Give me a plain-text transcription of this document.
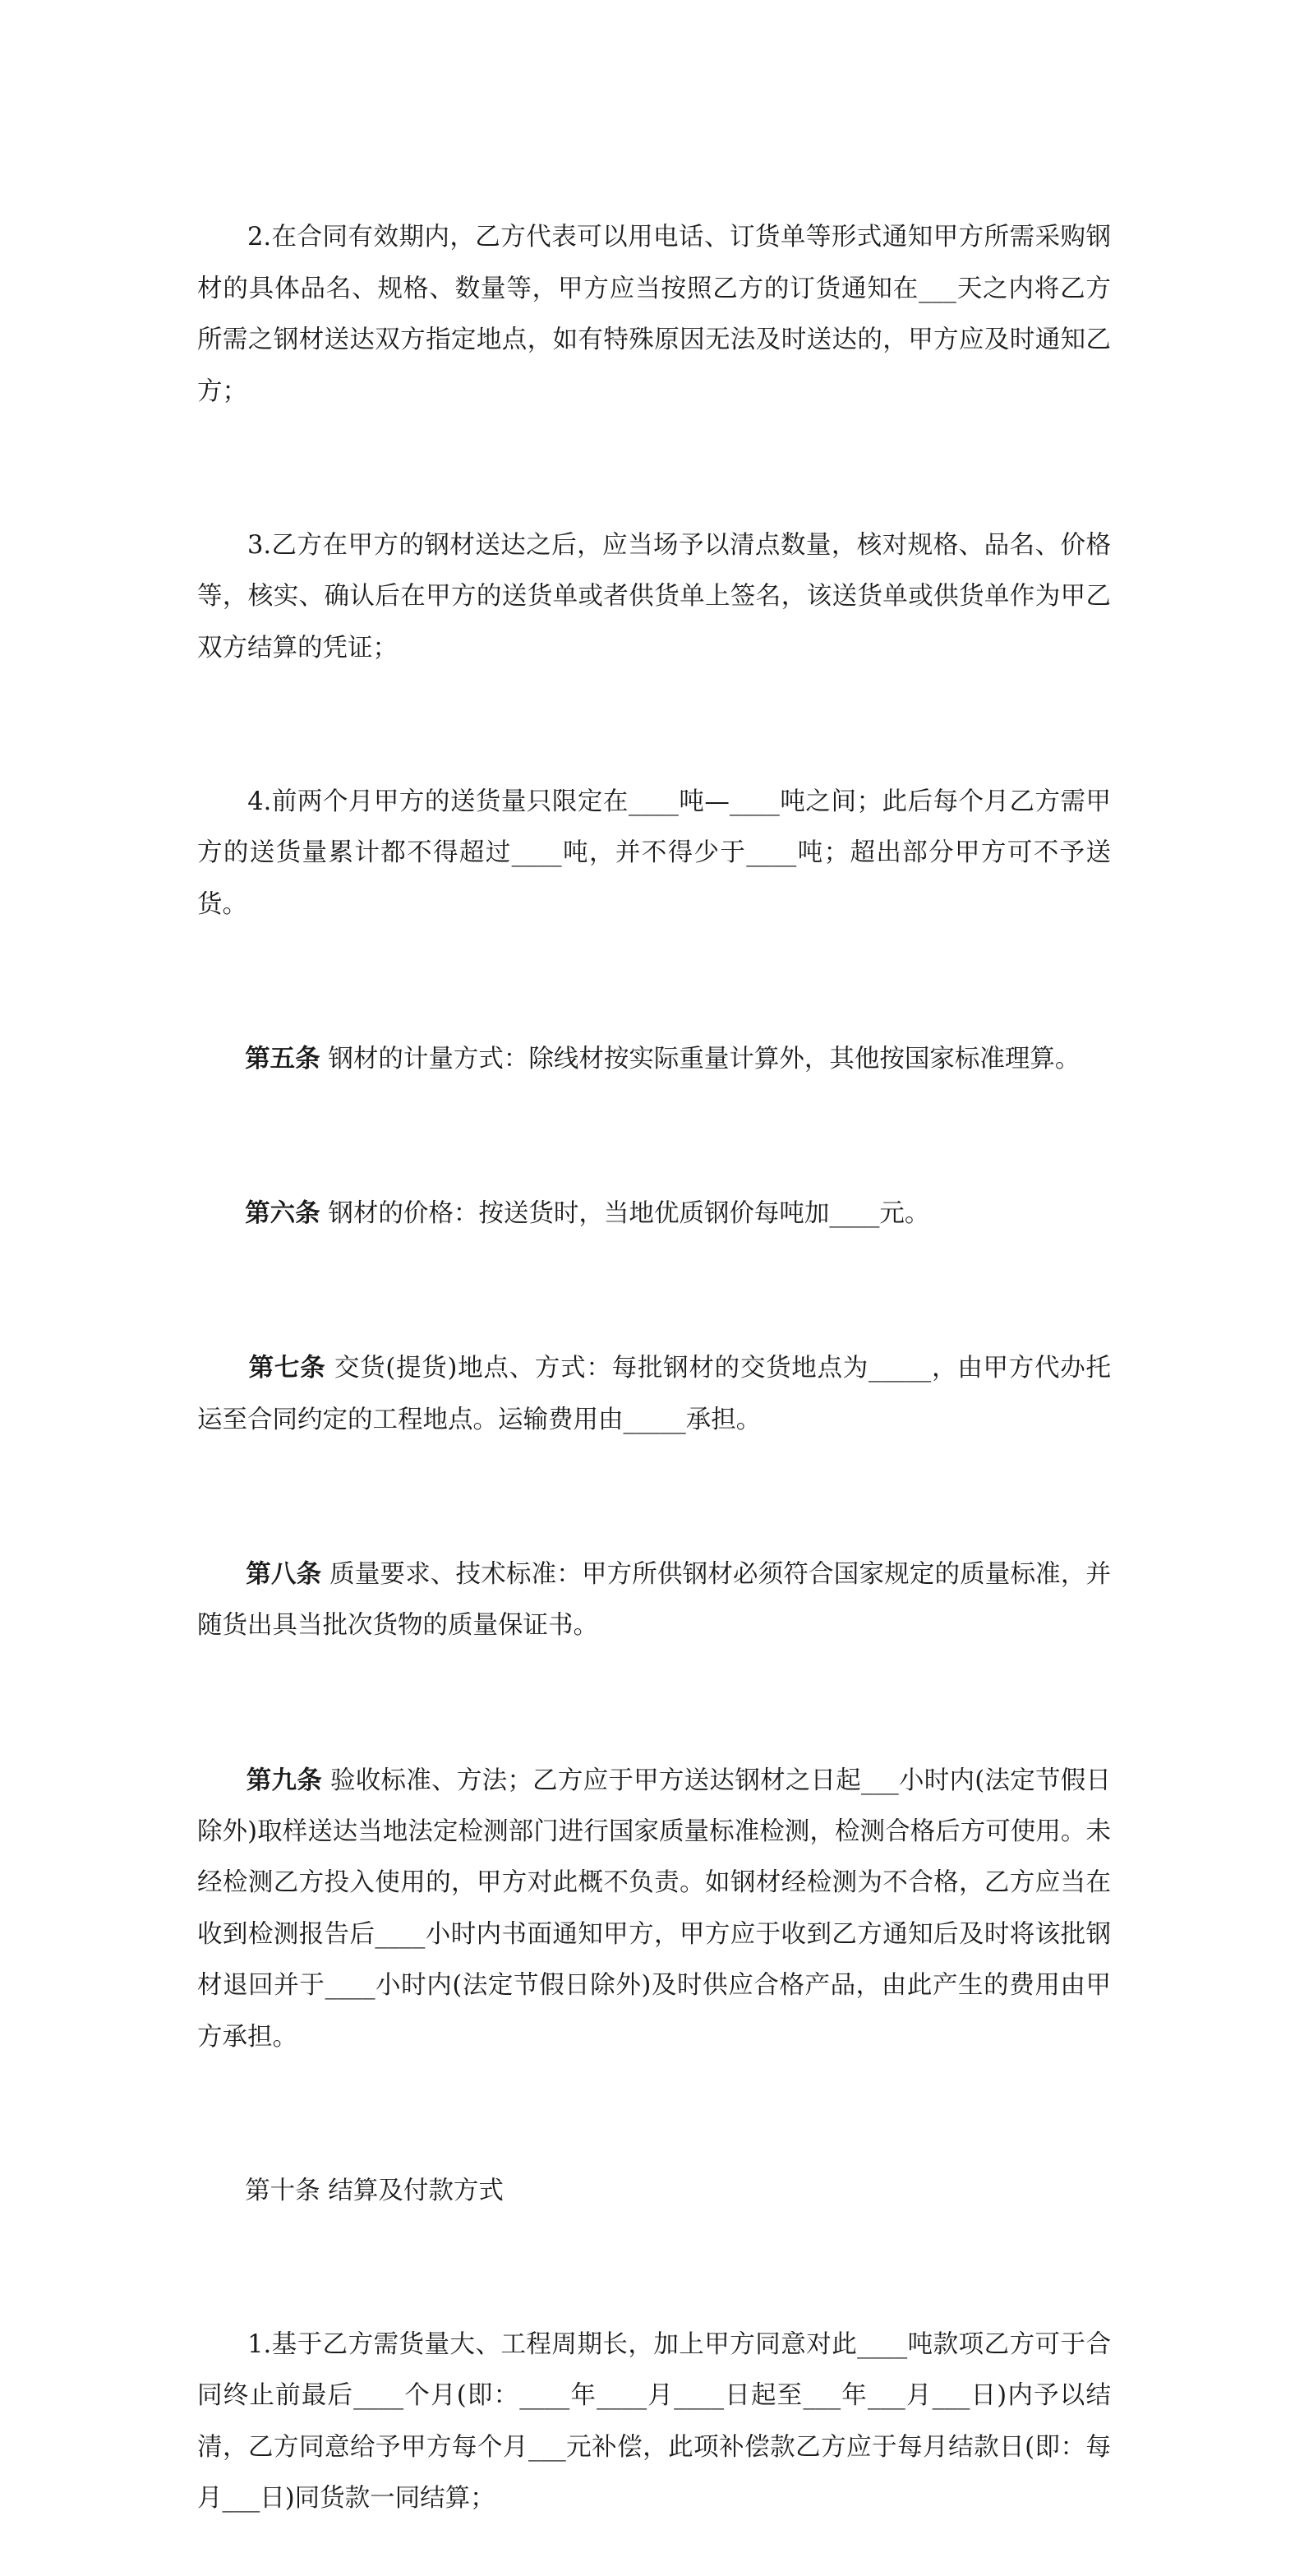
2.在合同有效期内，乙方代表可以用电话、订货单等形式通知甲方所需采购钢材的具体品名、规格、数量等，甲方应当按照乙方的订货通知在___天之内将乙方所需之钢材送达双方指定地点，如有特殊原因无法及时送达的，甲方应及时通知乙方；

3.乙方在甲方的钢材送达之后，应当场予以清点数量，核对规格、品名、价格等，核实、确认后在甲方的送货单或者供货单上签名，该送货单或供货单作为甲乙双方结算的凭证；

4.前两个月甲方的送货量只限定在____吨—____吨之间；此后每个月乙方需甲方的送货量累计都不得超过____吨，并不得少于____吨；超出部分甲方可不予送货。

第五条 钢材的计量方式：除线材按实际重量计算外，其他按国家标准理算。

第六条 钢材的价格：按送货时，当地优质钢价每吨加____元。

第七条 交货(提货)地点、方式：每批钢材的交货地点为_____，由甲方代办托运至合同约定的工程地点。运输费用由_____承担。

第八条 质量要求、技术标准：甲方所供钢材必须符合国家规定的质量标准，并随货出具当批次货物的质量保证书。

第九条 验收标准、方法；乙方应于甲方送达钢材之日起___小时内(法定节假日除外)取样送达当地法定检测部门进行国家质量标准检测，检测合格后方可使用。未经检测乙方投入使用的，甲方对此概不负责。如钢材经检测为不合格，乙方应当在收到检测报告后____小时内书面通知甲方，甲方应于收到乙方通知后及时将该批钢材退回并于____小时内(法定节假日除外)及时供应合格产品，由此产生的费用由甲方承担。

第十条 结算及付款方式

1.基于乙方需货量大、工程周期长，加上甲方同意对此____吨款项乙方可于合同终止前最后____个月(即：____年____月____日起至___年___月___日)内予以结清，乙方同意给予甲方每个月___元补偿，此项补偿款乙方应于每月结款日(即：每月___日)同货款一同结算；
